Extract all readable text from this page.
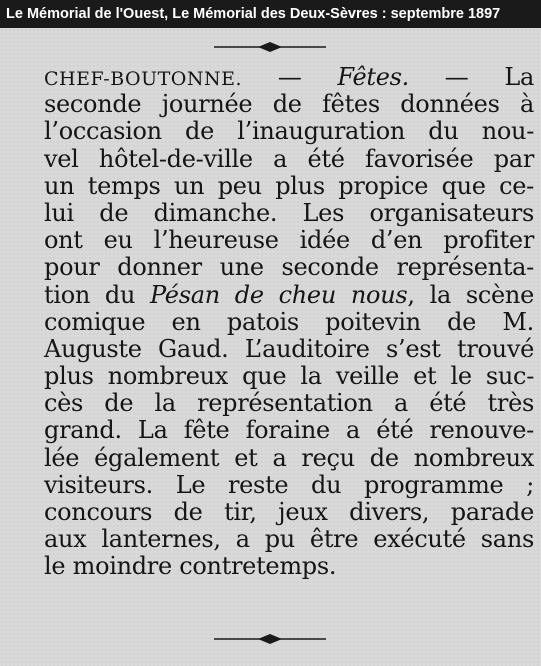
Le Mémorial de l'Ouest, Le Mémorial des Deux-Sèvres : septembre 1897
CHEF-BOUTONNE. — Fêtes. — La
seconde journée de fêtes données à
l’occasion de l’inauguration du nou-
vel hôtel-de-ville a été favorisée par
un temps un peu plus propice que ce-
lui de dimanche. Les organisateurs
ont eu l’heureuse idée d’en profiter
pour donner une seconde représenta-
tion du Pésan de cheu nous, la scène
comique en patois poitevin de M.
Auguste Gaud. L’auditoire s’est trouvé
plus nombreux que la veille et le suc-
cès de la représentation a été très
grand. La fête foraine a été renouve-
lée également et a reçu de nombreux
visiteurs. Le reste du programme ;
concours de tir, jeux divers, parade
aux lanternes, a pu être exécuté sans
le moindre contretemps.
